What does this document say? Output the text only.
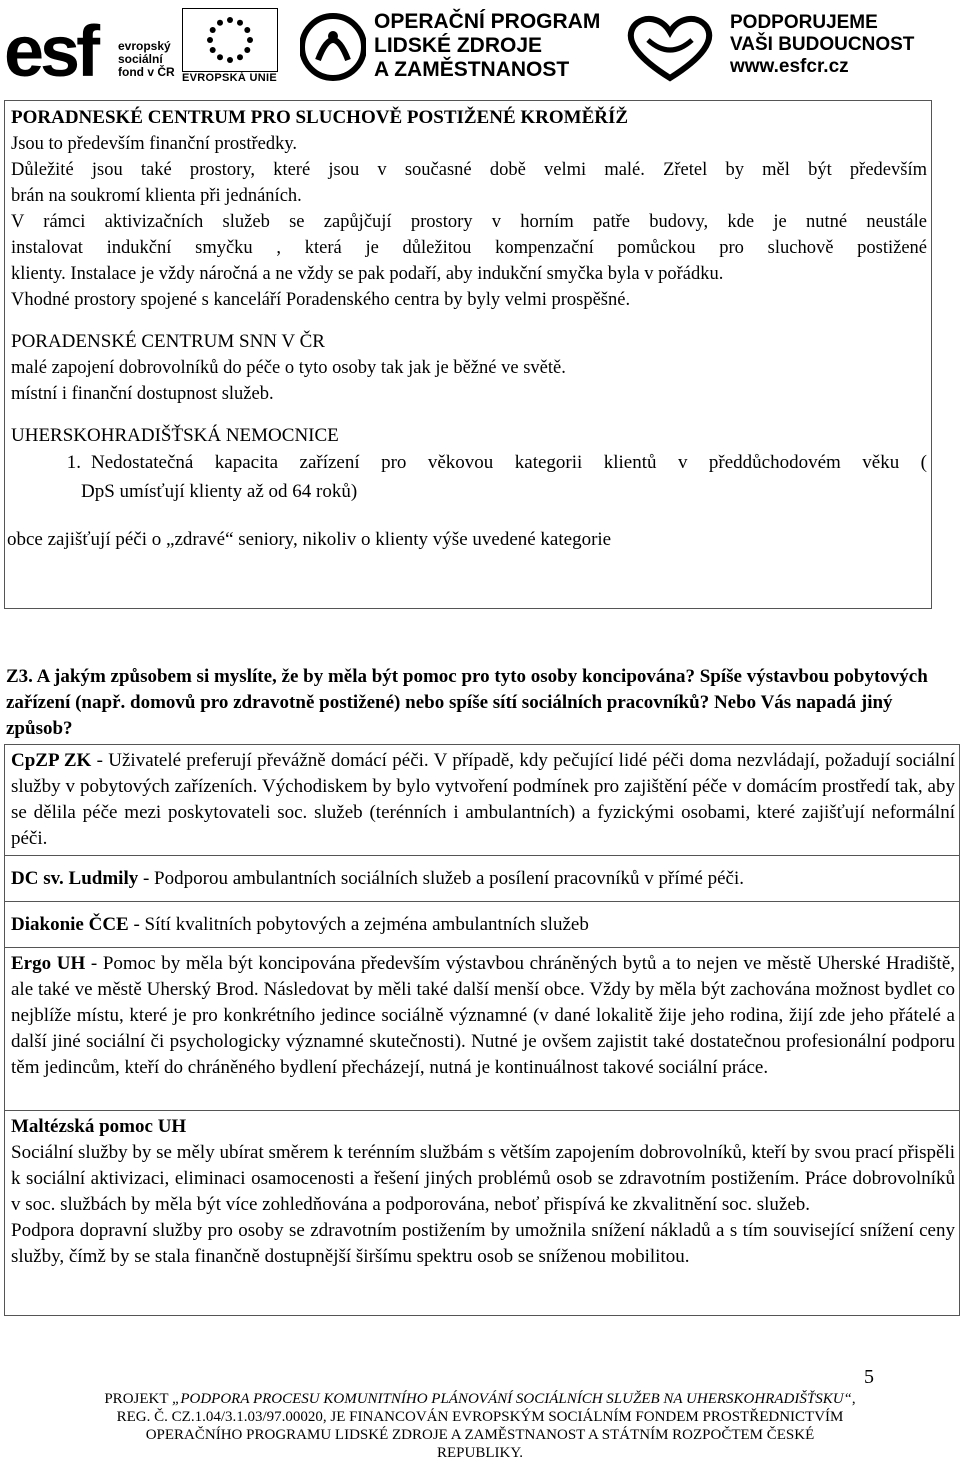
esf	evropský
sociální
fond v ČR EVROPSKÁ UNIE
OPERAČNÍ PROGRAM
LIDSKÉ ZDROJE
A ZAMĚSTNANOST
PODPORUJEME
VAŠI BUDOUCNOST
www.esfcr.cz

PORADNESKÉ CENTRUM PRO SLUCHOVĚ POSTIŽENÉ KROMĚŘÍŽ

Jsou to především finanční prostředky.

Důležité jsou také prostory, které jsou v současné době velmi malé. Zřetel by měl být především

brán na soukromí klienta při jednáních.

V rámci aktivizačních služeb se zapůjčují prostory v horním patře budovy, kde je nutné neustále

instalovat indukční smyčku , která je důležitou kompenzační pomůckou pro sluchově postižené

klienty. Instalace je vždy náročná a ne vždy se pak podaří, aby indukční smyčka byla v pořádku.

Vhodné prostory spojené s kanceláří Poradenského centra by byly velmi prospěšné.

PORADENSKÉ CENTRUM SNN V ČR

malé zapojení dobrovolníků do péče o tyto osoby tak jak je běžné ve světě.

místní i finanční dostupnost služeb.

UHERSKOHRADIŠŤSKÁ NEMOCNICE

1. Nedostatečná kapacita zařízení pro věkovou kategorii klientů v předdůchodovém věku (

DpS umísťují klienty až od 64 roků)

obce zajišťují péči o „zdravé“ seniory, nikoliv o klienty výše uvedené kategorie

Z3. A jakým způsobem si myslíte, že by měla být pomoc pro tyto osoby koncipována? Spíše výstavbou pobytových zařízení (např. domovů pro zdravotně postižené) nebo spíše sítí sociálních pracovníků? Nebo Vás napadá jiný způsob?

CpZP ZK - Uživatelé preferují převážně domácí péči. V případě, kdy pečující lidé péči doma nezvládají, požadují sociální služby v pobytových zařízeních. Východiskem by bylo vytvoření podmínek pro zajištění péče v domácím prostředí tak, aby se dělila péče mezi poskytovateli soc. služeb (terénních i ambulantních) a fyzickými osobami, které zajišťují neformální péči.

DC sv. Ludmily - Podporou ambulantních sociálních služeb a posílení pracovníků v přímé péči.

Diakonie ČCE - Sítí kvalitních pobytových a zejména ambulantních služeb

Ergo UH - Pomoc by měla být koncipována především výstavbou chráněných bytů a to nejen ve městě Uherské Hradiště, ale také ve městě Uherský Brod. Následovat by měli také další menší obce. Vždy by měla být zachována možnost bydlet co nejblíže místu, které je pro konkrétního jedince sociálně významné (v dané lokalitě žije jeho rodina, žijí zde jeho přátelé a další jiné sociální či psychologicky významné skutečnosti). Nutné je ovšem zajistit také dostatečnou profesionální podporu těm jedincům, kteří do chráněného bydlení přecházejí, nutná je kontinuálnost takové sociální práce.

Maltézská pomoc UH

Sociální služby by se měly ubírat směrem k terénním službám s větším zapojením dobrovolníků, kteří by svou prací přispěli k sociální aktivizaci, eliminaci osamocenosti a řešení jiných problémů osob se zdravotním postižením. Práce dobrovolníků v soc. službách by měla být více zohledňována a podporována, neboť přispívá ke zkvalitnění soc. služeb.

Podpora dopravní služby pro osoby se zdravotním postižením by umožnila snížení nákladů a s tím související snížení ceny služby, čímž by se stala finančně dostupnější širšímu spektru osob se sníženou mobilitou.

5
PROJEKT „PODPORA PROCESU KOMUNITNÍHO PLÁNOVÁNÍ SOCIÁLNÍCH SLUŽEB NA UHERSKOHRADIŠŤSKU“,
REG. Č. CZ.1.04/3.1.03/97.00020, JE FINANCOVÁN EVROPSKÝM SOCIÁLNÍM FONDEM PROSTŘEDNICTVÍM
OPERAČNÍHO PROGRAMU LIDSKÉ ZDROJE A ZAMĚSTNANOST A STÁTNÍM ROZPOČTEM ČESKÉ
REPUBLIKY.
